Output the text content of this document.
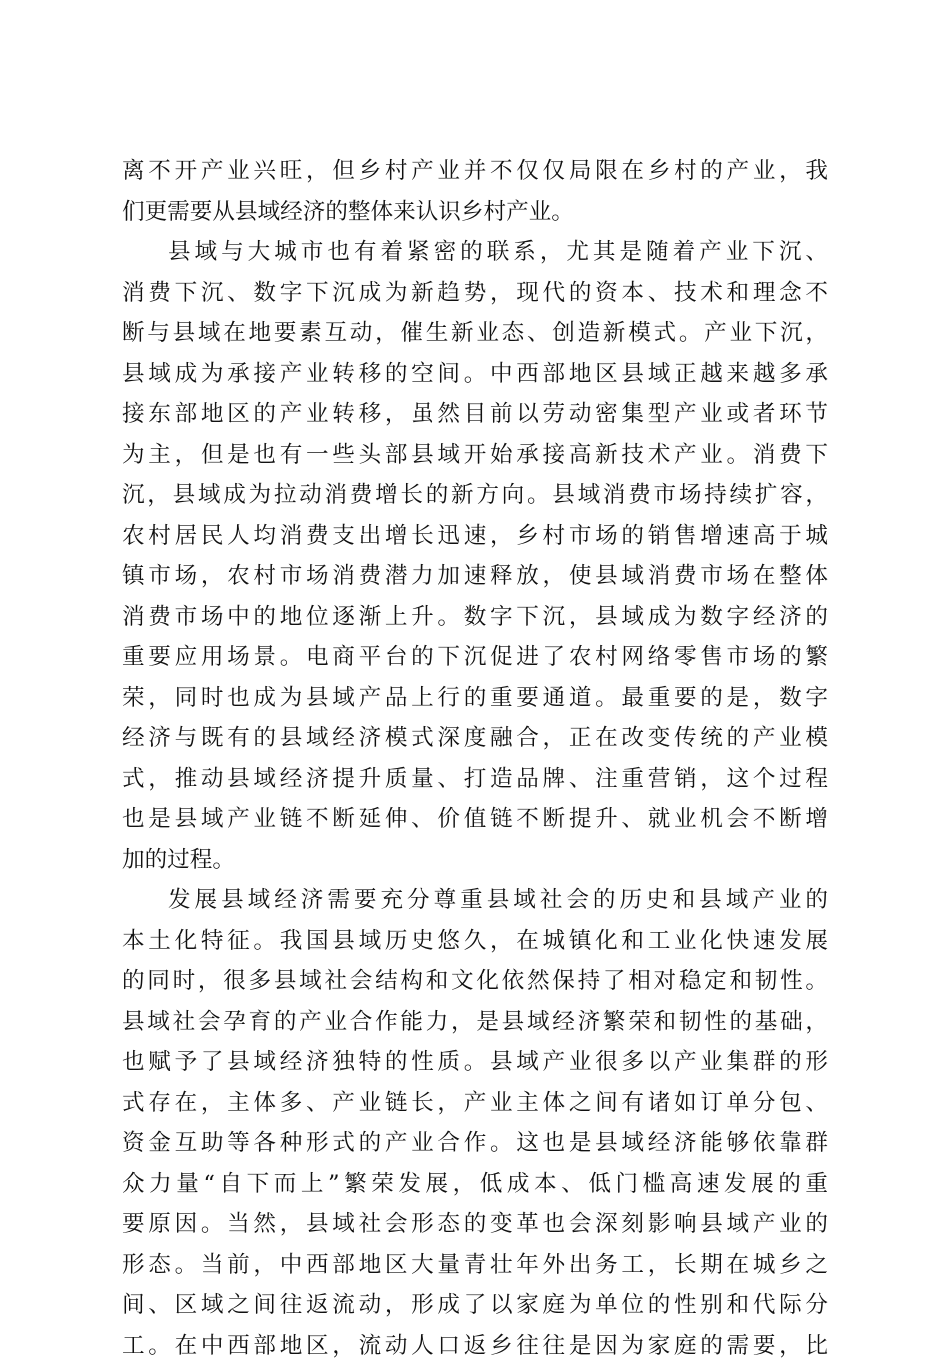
离不开产业兴旺，但乡村产业并不仅仅局限在乡村的产业，我
们更需要从县域经济的整体来认识乡村产业。
县域与大城市也有着紧密的联系，尤其是随着产业下沉、
消费下沉、数字下沉成为新趋势，现代的资本、技术和理念不
断与县域在地要素互动，催生新业态、创造新模式。产业下沉，
县域成为承接产业转移的空间。中西部地区县域正越来越多承
接东部地区的产业转移，虽然目前以劳动密集型产业或者环节
为主，但是也有一些头部县域开始承接高新技术产业。消费下
沉，县域成为拉动消费增长的新方向。县域消费市场持续扩容，
农村居民人均消费支出增长迅速，乡村市场的销售增速高于城
镇市场，农村市场消费潜力加速释放，使县域消费市场在整体
消费市场中的地位逐渐上升。数字下沉，县域成为数字经济的
重要应用场景。电商平台的下沉促进了农村网络零售市场的繁
荣，同时也成为县域产品上行的重要通道。最重要的是，数字
经济与既有的县域经济模式深度融合，正在改变传统的产业模
式，推动县域经济提升质量、打造品牌、注重营销，这个过程
也是县域产业链不断延伸、价值链不断提升、就业机会不断增
加的过程。
发展县域经济需要充分尊重县域社会的历史和县域产业的
本土化特征。我国县域历史悠久，在城镇化和工业化快速发展
的同时，很多县域社会结构和文化依然保持了相对稳定和韧性。
县域社会孕育的产业合作能力，是县域经济繁荣和韧性的基础，
也赋予了县域经济独特的性质。县域产业很多以产业集群的形
式存在，主体多、产业链长，产业主体之间有诸如订单分包、
资金互助等各种形式的产业合作。这也是县域经济能够依靠群
众力量“自下而上”繁荣发展，低成本、低门槛高速发展的重
要原因。当然，县域社会形态的变革也会深刻影响县域产业的
形态。当前，中西部地区大量青壮年外出务工，长期在城乡之
间、区域之间往返流动，形成了以家庭为单位的性别和代际分
工。在中西部地区，流动人口返乡往往是因为家庭的需要，比
